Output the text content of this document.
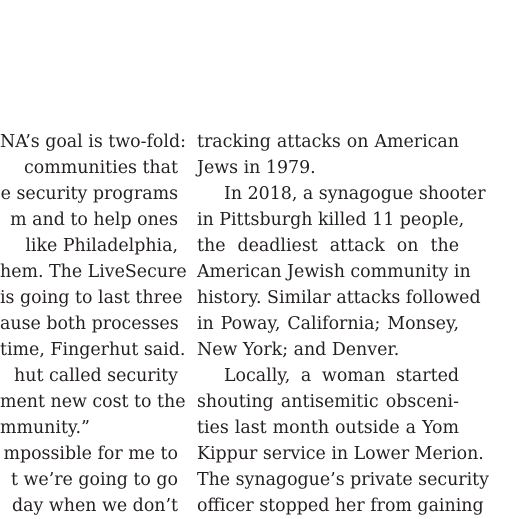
NA’s goal is two-fold:
communities that
e security programs
m and to help ones
like Philadelphia,
hem. The LiveSecure
is going to last three
ause both processes
time, Fingerhut said.
hut called security
ment new cost to the
mmunity.”
mpossible for me to
t we’re going to go
day when we don’t
tracking attacks on American
Jews in 1979.
In 2018, a synagogue shooter
in Pittsburgh killed 11 people,
the deadliest attack on the
American Jewish community in
history. Similar attacks followed
in Poway, California; Monsey,
New York; and Denver.
Locally, a woman started
shouting antisemitic obsceni-
ties last month outside a Yom
Kippur service in Lower Merion.
The synagogue’s private security
officer stopped her from gaining
